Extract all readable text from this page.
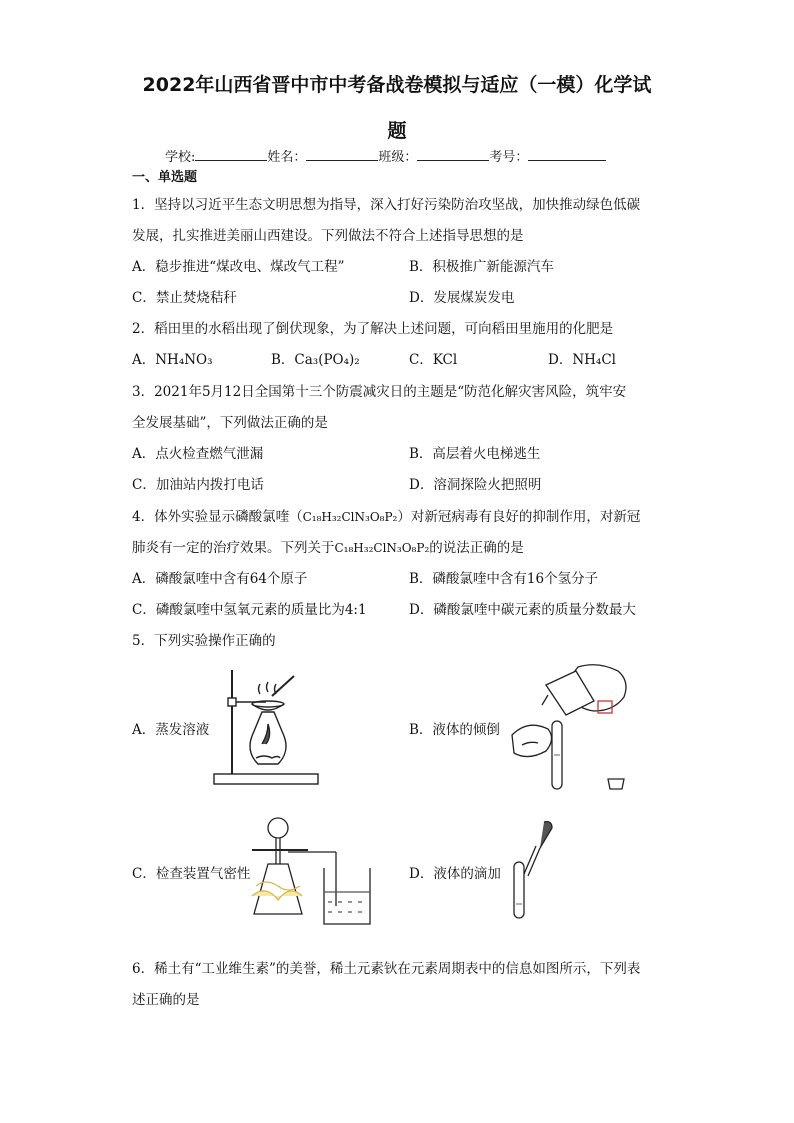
2022年山西省晋中市中考备战卷模拟与适应（一模）化学试
题
学校:	姓名：	班级：	考号：
一、单选题
1．坚持以习近平生态文明思想为指导，深入打好污染防治攻坚战，加快推动绿色低碳
发展，扎实推进美丽山西建设。下列做法不符合上述指导思想的是
A．稳步推进“煤改电、煤改气工程”	B．积极推广新能源汽车
C．禁止焚烧秸秆	D．发展煤炭发电
2．稻田里的水稻出现了倒伏现象，为了解决上述问题，可向稻田里施用的化肥是
A．NH₄NO₃	B．Ca₃(PO₄)₂	C．KCl	D．NH₄Cl
3．2021年5月12日全国第十三个防震减灾日的主题是“防范化解灾害风险，筑牢安
全发展基础”，下列做法正确的是
A．点火检查燃气泄漏	B．高层着火电梯逃生
C．加油站内拨打电话	D．溶洞探险火把照明
4．体外实验显示磷酸氯喹（C₁₈H₃₂ClN₃O₈P₂）对新冠病毒有良好的抑制作用，对新冠
肺炎有一定的治疗效果。下列关于C₁₈H₃₂ClN₃O₈P₂的说法正确的是
A．磷酸氯喹中含有64个原子	B．磷酸氯喹中含有16个氢分子
C．磷酸氯喹中氢氧元素的质量比为4:1	D．磷酸氯喹中碳元素的质量分数最大
5．下列实验操作正确的
A．蒸发溶液	B．液体的倾倒
C．检查装置气密性	D．液体的滴加
6．稀土有“工业维生素”的美誉，稀土元素钬在元素周期表中的信息如图所示，下列表
述正确的是
